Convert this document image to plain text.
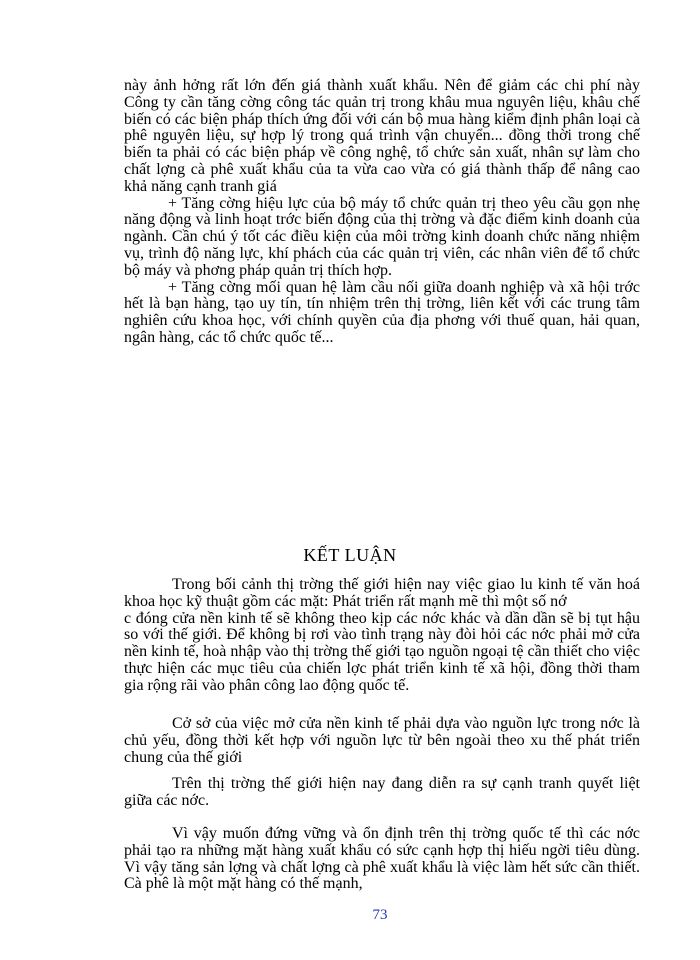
này ảnh hởng rất lớn đến giá thành xuất khẩu. Nên để giảm các chi phí này Công ty cần tăng cờng công tác quản trị trong khâu mua nguyên liệu, khâu chế biến có các biện pháp thích ứng đối với cán bộ mua hàng kiểm định phân loại cà phê nguyên liệu, sự hợp lý trong quá trình vận chuyển... đồng thời trong chế biến ta phải có các biện pháp về công nghệ, tổ chức sản xuất, nhân sự làm cho chất lợng cà phê xuất khẩu của ta vừa cao vừa có giá thành thấp để nâng cao khả năng cạnh tranh giá

+ Tăng cờng hiệu lực của bộ máy tổ chức quản trị theo yêu cầu gọn nhẹ năng động và linh hoạt trớc biến động của thị trờng và đặc điểm kinh doanh của ngành. Cần chú ý tốt các điều kiện của môi trờng kinh doanh chức năng nhiệm vụ, trình độ năng lực, khí phách của các quản trị viên, các nhân viên để tổ chức bộ máy và phơng pháp quản trị thích hợp.

+ Tăng cờng mối quan hệ làm cầu nối giữa doanh nghiệp và xã hội trớc hết là bạn hàng, tạo uy tín, tín nhiệm trên thị trờng, liên kết với các trung tâm nghiên cứu khoa học, với chính quyền của địa phơng với thuế quan, hải quan, ngân hàng, các tổ chức quốc tế...

KẾT LUẬN

Trong bối cảnh thị trờng thế giới hiện nay việc giao lu kinh tế văn hoá khoa học kỹ thuật gồm các mặt: Phát triển rất mạnh mẽ thì một số nớ

c đóng cửa nền kinh tế sẽ không theo kịp các nớc khác và dần dần sẽ bị tụt hậu so với thế giới. Để không bị rơi vào tình trạng này đòi hỏi các nớc phải mở cửa nền kinh tế, hoà nhập vào thị trờng thế giới tạo nguồn ngoại tệ cần thiết cho việc thực hiện các mục tiêu của chiến lợc phát triển kinh tế xã hội, đồng thời tham gia rộng rãi vào phân công lao động quốc tế.

Cở sở của việc mở cửa nền kinh tế phải dựa vào nguồn lực trong nớc là chủ yếu, đồng thời kết hợp với nguồn lực từ bên ngoài theo xu thế phát triển chung của thế giới

Trên thị trờng thế giới hiện nay đang diễn ra sự cạnh tranh quyết liệt giữa các nớc.

Vì vậy muốn đứng vững và ổn định trên thị trờng quốc tế thì các nớc phải tạo ra những mặt hàng xuất khẩu có sức cạnh hợp thị hiếu ngời tiêu dùng. Vì vậy tăng sản lợng và chất lợng cà phê xuất khẩu là việc làm hết sức cần thiết. Cà phê là một mặt hàng có thế mạnh,

73
